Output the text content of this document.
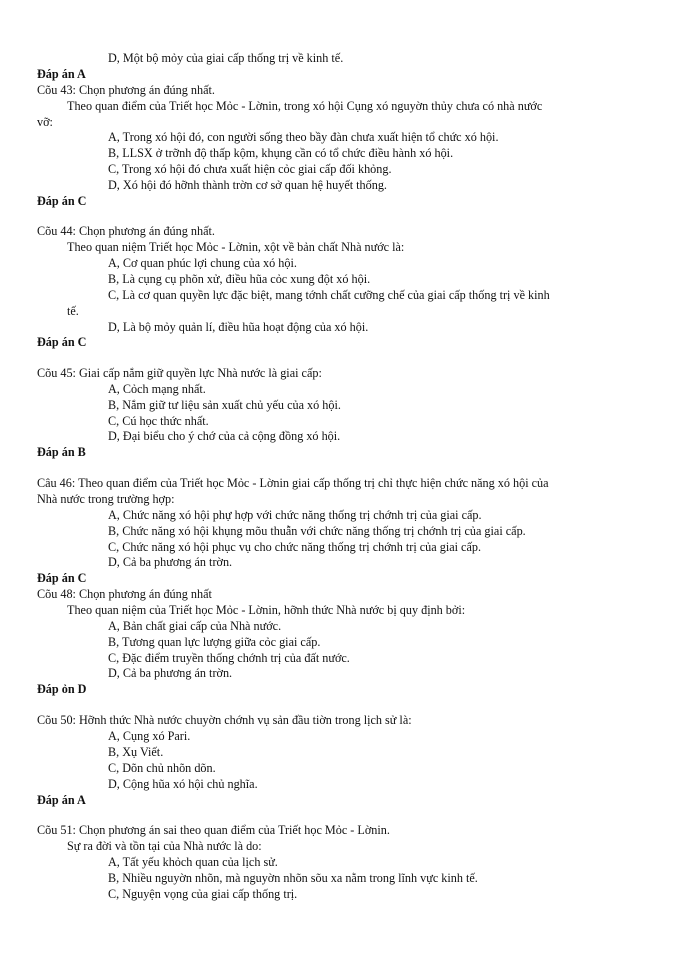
D, Một bộ mỏy của giai cấp thống trị về kinh tế.
Đáp án A
Cõu 43: Chọn phương án đúng nhất.
Theo quan điểm của Triết học Mỏc - Lờnin, trong xó hội Cụng xó nguyờn thủy chưa có nhà nước
vỡ:
A, Trong xó hội đó, con người sống theo bầy đàn chưa xuất hiện tổ chức xó hội.
B, LLSX ở trỡnh độ thấp kộm, khụng cần có tổ chức điều hành xó hội.
C, Trong xó hội đó chưa xuất hiện cỏc giai cấp đối khỏng.
D, Xó hội đó hỡnh thành trờn cơ sở quan hệ huyết thống.
Đáp án C
Cõu 44: Chọn phương án đúng nhất.
Theo quan niệm Triết học Mỏc - Lờnin, xột về bản chất Nhà nước là:
A, Cơ quan phúc lợi chung của xó hội.
B, Là cụng cụ phõn xử, điều hũa cỏc xung đột xó hội.
C, Là cơ quan quyền lực đặc biệt, mang tớnh chất cưỡng chế của giai cấp thống trị về kinh
tế.
D, Là bộ mỏy quản lí, điều hũa hoạt động của xó hội.
Đáp án C
Cõu 45: Giai cấp nắm giữ quyền lực Nhà nước là giai cấp:
A, Cỏch mạng nhất.
B, Nắm giữ tư liệu sản xuất chủ yếu của xó hội.
C, Cú học thức nhất.
D, Đại biểu cho ý chớ của cả cộng đồng xó hội.
Đáp án B
Câu 46: Theo quan điểm của Triết học Mỏc - Lờnin giai cấp thống trị chỉ thực hiện chức năng xó hội của
Nhà nước trong trường hợp:
A, Chức năng xó hội phự hợp với chức năng thống trị chớnh trị của giai cấp.
B, Chức năng xó hội khụng mõu thuẫn với chức năng thống trị chớnh trị của giai cấp.
C, Chức năng xó hội phục vụ cho chức năng thống trị chớnh trị của giai cấp.
D, Cả ba phương án trờn.
Đáp án C
Cõu 48: Chọn phương án đúng nhất
Theo quan niệm của Triết học Mỏc - Lờnin, hỡnh thức Nhà nước bị quy định bởi:
A, Bản chất giai cấp của Nhà nước.
B, Tương quan lực lượng giữa cỏc giai cấp.
C, Đặc điểm truyền thống chớnh trị của đất nước.
D, Cả ba phương án trờn.
Đáp ỏn D
Cõu 50: Hỡnh thức Nhà nước chuyờn chớnh vụ sản đầu tiờn trong lịch sử là:
A, Cụng xó Pari.
B, Xụ Viết.
C, Dõn chủ nhõn dõn.
D, Cộng hũa xó hội chủ nghĩa.
Đáp án A
Cõu 51: Chọn phương án sai theo quan điểm của Triết học Mỏc - Lờnin.
Sự ra đời và tồn tại của Nhà nước là do:
A, Tất yếu khỏch quan của lịch sử.
B, Nhiều nguyờn nhõn, mà nguyờn nhõn sõu xa nằm trong lĩnh vực kinh tế.
C, Nguyện vọng của giai cấp thống trị.
